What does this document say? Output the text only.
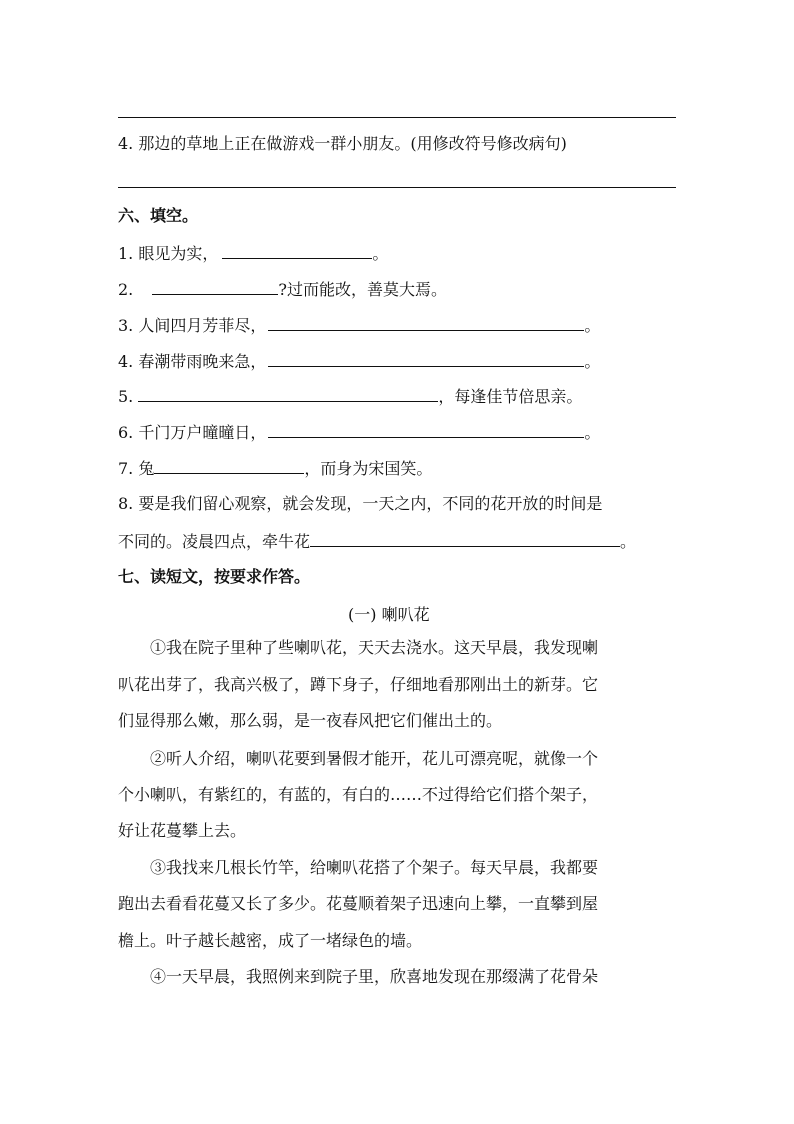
4. 那边的草地上正在做游戏一群小朋友。(用修改符号修改病句)
六、填空。
1. 眼见为实，	。
2.	?过而能改，善莫大焉。
3. 人间四月芳菲尽，	。
4. 春潮带雨晚来急，	。
5.	，每逢佳节倍思亲。
6. 千门万户曈曈日，	。
7. 兔	，而身为宋国笑。
8. 要是我们留心观察，就会发现，一天之内，不同的花开放的时间是
不同的。凌晨四点，牵牛花	。
七、读短文，按要求作答。
(一) 喇叭花
①我在院子里种了些喇叭花，天天去浇水。这天早晨，我发现喇
叭花出芽了，我高兴极了，蹲下身子，仔细地看那刚出土的新芽。它
们显得那么嫩，那么弱，是一夜春风把它们催出土的。
②听人介绍，喇叭花要到暑假才能开，花儿可漂亮呢，就像一个
个小喇叭，有紫红的，有蓝的，有白的……不过得给它们搭个架子，
好让花蔓攀上去。
③我找来几根长竹竿，给喇叭花搭了个架子。每天早晨，我都要
跑出去看看花蔓又长了多少。花蔓顺着架子迅速向上攀，一直攀到屋
檐上。叶子越长越密，成了一堵绿色的墙。
④一天早晨，我照例来到院子里，欣喜地发现在那缀满了花骨朵
